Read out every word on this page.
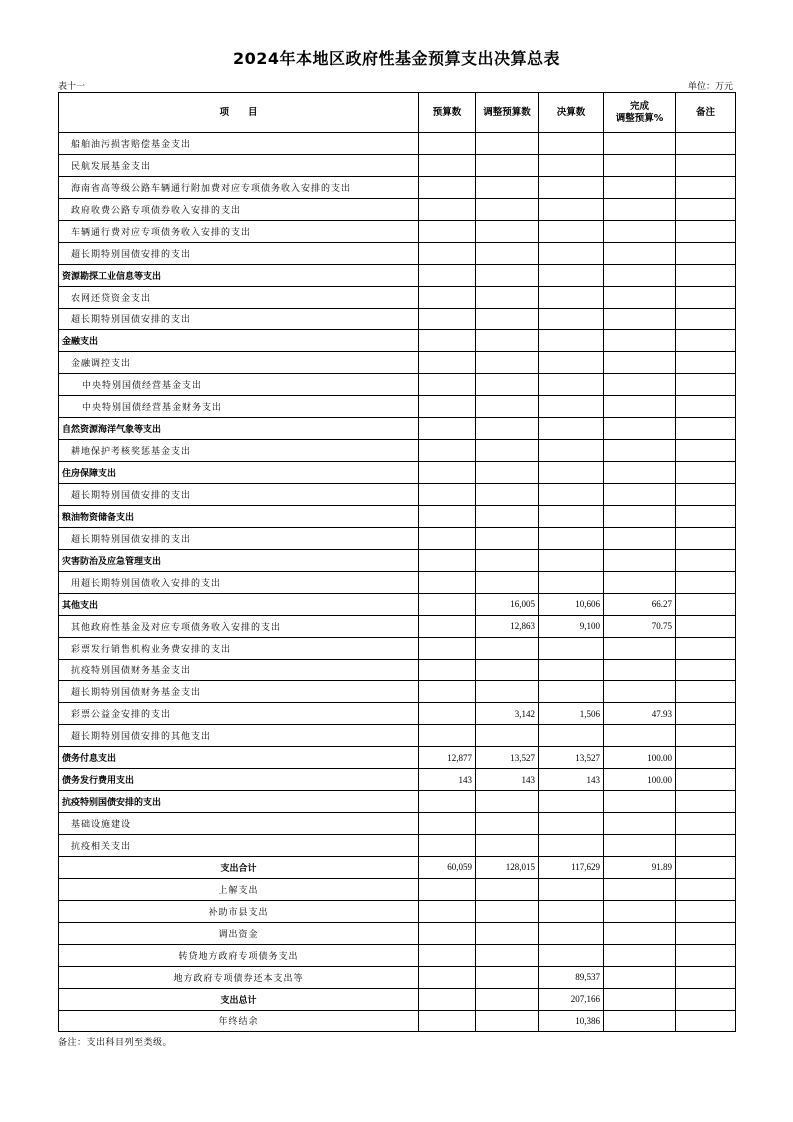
2024年本地区政府性基金预算支出决算总表
表十一	单位：万元
项　　目	预算数	调整预算数	决算数	完成
调整预算%	备注
船舶油污损害赔偿基金支出					
民航发展基金支出					
海南省高等级公路车辆通行附加费对应专项债务收入安排的支出					
政府收费公路专项债券收入安排的支出					
车辆通行费对应专项债务收入安排的支出					
超长期特别国债安排的支出					
资源勘探工业信息等支出					
农网还贷资金支出					
超长期特别国债安排的支出					
金融支出					
金融调控支出					
中央特别国债经营基金支出					
中央特别国债经营基金财务支出					
自然资源海洋气象等支出					
耕地保护考核奖惩基金支出					
住房保障支出					
超长期特别国债安排的支出					
粮油物资储备支出					
超长期特别国债安排的支出					
灾害防治及应急管理支出					
用超长期特别国债收入安排的支出					
其他支出		16,005	10,606	66.27	
其他政府性基金及对应专项债务收入安排的支出		12,863	9,100	70.75	
彩票发行销售机构业务费安排的支出					
抗疫特别国债财务基金支出					
超长期特别国债财务基金支出					
彩票公益金安排的支出		3,142	1,506	47.93	
超长期特别国债安排的其他支出					
债务付息支出	12,877	13,527	13,527	100.00	
债务发行费用支出	143	143	143	100.00	
抗疫特别国债安排的支出					
基础设施建设					
抗疫相关支出					
支出合计	60,059	128,015	117,629	91.89	
上解支出					
补助市县支出					
调出资金					
转贷地方政府专项债务支出					
地方政府专项债券还本支出等			89,537		
支出总计			207,166		
年终结余			10,386		
备注：支出科目列至类级。
